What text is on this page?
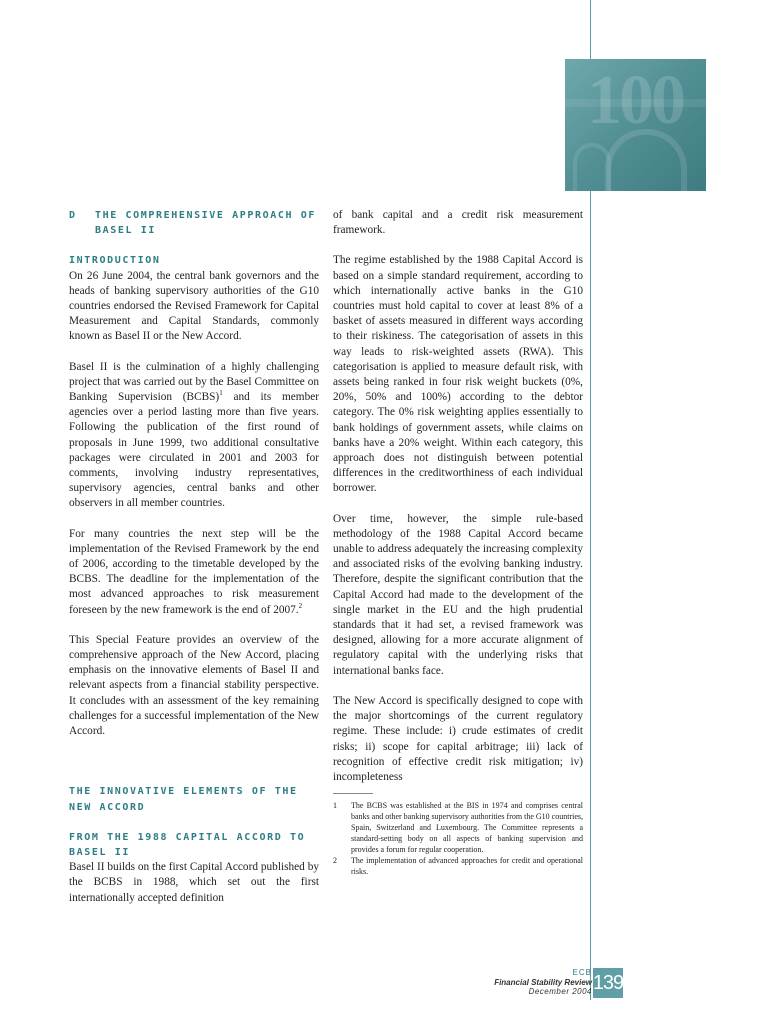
100
D	THE COMPREHENSIVE APPROACH OF BASEL II
INTRODUCTION

On 26 June 2004, the central bank governors and the heads of banking supervisory authorities of the G10 countries endorsed the Revised Framework for Capital Measurement and Capital Standards, commonly known as Basel II or the New Accord.

Basel II is the culmination of a highly challenging project that was carried out by the Basel Committee on Banking Supervision (BCBS)$^1$ and its member agencies over a period lasting more than five years. Following the publication of the first round of proposals in June 1999, two additional consultative packages were circulated in 2001 and 2003 for comments, involving industry representatives, supervisory agencies, central banks and other observers in all member countries.

For many countries the next step will be the implementation of the Revised Framework by the end of 2006, according to the timetable developed by the BCBS. The deadline for the implementation of the most advanced approaches to risk measurement foreseen by the new framework is the end of 2007.$^2$

This Special Feature provides an overview of the comprehensive approach of the New Accord, placing emphasis on the innovative elements of Basel II and relevant aspects from a financial stability perspective. It concludes with an assessment of the key remaining challenges for a successful implementation of the New Accord.

THE INNOVATIVE ELEMENTS OF THE NEW ACCORD
FROM THE 1988 CAPITAL ACCORD TO BASEL II

Basel II builds on the first Capital Accord published by the BCBS in 1988, which set out the first internationally accepted definition

of bank capital and a credit risk measurement framework.

The regime established by the 1988 Capital Accord is based on a simple standard requirement, according to which internationally active banks in the G10 countries must hold capital to cover at least 8% of a basket of assets measured in different ways according to their riskiness. The categorisation of assets in this way leads to risk-weighted assets (RWA). This categorisation is applied to measure default risk, with assets being ranked in four risk weight buckets (0%, 20%, 50% and 100%) according to the debtor category. The 0% risk weighting applies essentially to bank holdings of government assets, while claims on banks have a 20% weight. Within each category, this approach does not distinguish between potential differences in the creditworthiness of each individual borrower.

Over time, however, the simple rule-based methodology of the 1988 Capital Accord became unable to address adequately the increasing complexity and associated risks of the evolving banking industry. Therefore, despite the significant contribution that the Capital Accord had made to the development of the single market in the EU and the high prudential standards that it had set, a revised framework was designed, allowing for a more accurate alignment of regulatory capital with the underlying risks that international banks face.

The New Accord is specifically designed to cope with the major shortcomings of the current regulatory regime. These include: i) crude estimates of credit risks; ii) scope for capital arbitrage; iii) lack of recognition of effective credit risk mitigation; iv) incompleteness

1	The BCBS was established at the BIS in 1974 and comprises central banks and other banking supervisory authorities from the G10 countries, Spain, Switzerland and Luxembourg. The Committee represents a standard-setting body on all aspects of banking supervision and provides a forum for regular cooperation.
2	The implementation of advanced approaches for credit and operational risks.
ECB
Financial Stability Review
December 2004 139
